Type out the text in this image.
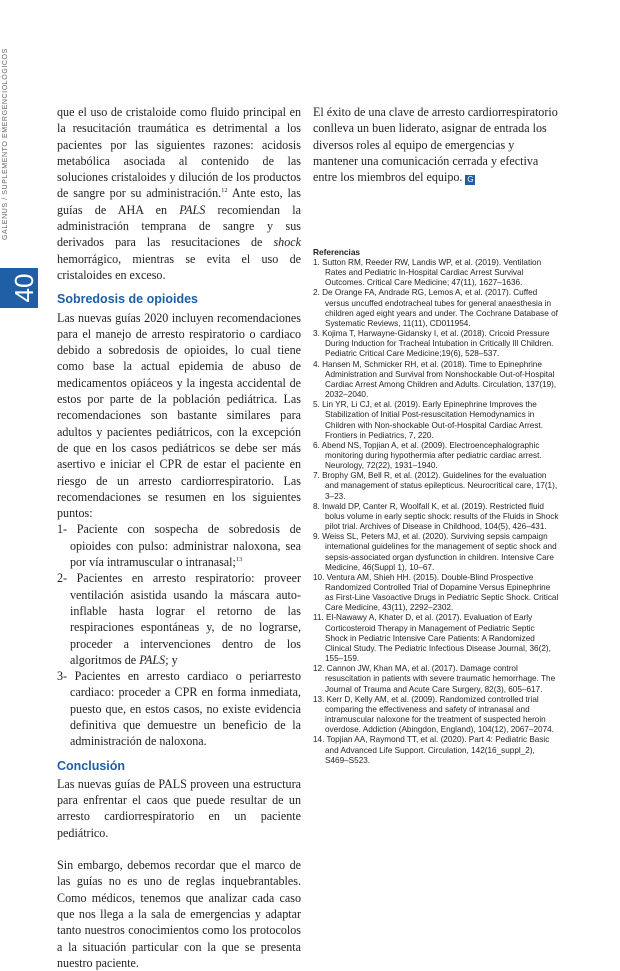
GALENUS / SUPLEMENTO EMERGENCIOLÓGICOS
40

que el uso de cristaloide como fluido principal en la resucitación traumática es detrimental a los pacientes por las siguientes razones: acidosis metabólica asociada al contenido de las soluciones cristaloides y dilución de los productos de sangre por su administración.$^{12}$ Ante esto, las guías de AHA en PALS recomiendan la administración temprana de sangre y sus derivados para las resucitaciones de shock hemorrágico, mientras se evita el uso de cristaloides en exceso.

Sobredosis de opioides

Las nuevas guías 2020 incluyen recomendaciones para el manejo de arresto respiratorio o cardiaco debido a sobredosis de opioides, lo cual tiene como base la actual epidemia de abuso de medicamentos opiáceos y la ingesta accidental de estos por parte de la población pediátrica. Las recomendaciones son bastante similares para adultos y pacientes pediátricos, con la excepción de que en los casos pediátricos se debe ser más asertivo e iniciar el CPR de estar el paciente en riesgo de un arresto cardiorrespiratorio. Las recomendaciones se resumen en los siguientes puntos:

1- Paciente con sospecha de sobredosis de opioides con pulso: administrar naloxona, sea por vía intramuscular o intranasal;$^{13}$
2- Pacientes en arresto respiratorio: proveer ventilación asistida usando la máscara auto-inflable hasta lograr el retorno de las respiraciones espontáneas y, de no lograrse, proceder a intervenciones dentro de los algoritmos de PALS; y
3- Pacientes en arresto cardiaco o periarresto cardiaco: proceder a CPR en forma inmediata, puesto que, en estos casos, no existe evidencia definitiva que demuestre un beneficio de la administración de naloxona.
Conclusión

Las nuevas guías de PALS proveen una estructura para enfrentar el caos que puede resultar de un arresto cardiorrespiratorio en un paciente pediátrico.

Sin embargo, debemos recordar que el marco de las guías no es uno de reglas inquebrantables. Como médicos, tenemos que analizar cada caso que nos llega a la sala de emergencias y adaptar tanto nuestros conocimientos como los protocolos a la situación particular con la que se presenta nuestro paciente.

El éxito de una clave de arresto cardiorrespiratorio conlleva un buen liderato, asignar de entrada los diversos roles al equipo de emergencias y mantener una comunicación cerrada y efectiva entre los miembros del equipo. G

Referencias
1. Sutton RM, Reeder RW, Landis WP, et al. (2019). Ventilation Rates and Pediatric In-Hospital Cardiac Arrest Survival Outcomes. Critical Care Medicine; 47(11), 1627–1636.
2. De Orange FA, Andrade RG, Lemos A, et al. (2017). Cuffed versus uncuffed endotracheal tubes for general anaesthesia in children aged eight years and under. The Cochrane Database of Systematic Reviews, 11(11), CD011954.
3. Kojima T, Harwayne-Gidansky I, et al. (2018). Cricoid Pressure During Induction for Tracheal Intubation in Critically Ill Children. Pediatric Critical Care Medicine;19(6), 528–537.
4. Hansen M, Schmicker RH, et al. (2018). Time to Epinephrine Administration and Survival from Nonshockable Out-of-Hospital Cardiac Arrest Among Children and Adults. Circulation, 137(19), 2032–2040.
5. Lin YR, Li CJ, et al. (2019). Early Epinephrine Improves the Stabilization of Initial Post-resuscitation Hemodynamics in Children with Non-shockable Out-of-Hospital Cardiac Arrest. Frontiers in Pediatrics, 7, 220.
6. Abend NS, Topjian A, et al. (2009). Electroencephalographic monitoring during hypothermia after pediatric cardiac arrest. Neurology, 72(22), 1931–1940.
7. Brophy GM, Bell R, et al. (2012). Guidelines for the evaluation and management of status epilepticus. Neurocritical care, 17(1), 3–23.
8. Inwald DP, Canter R, Woolfall K, et al. (2019). Restricted fluid bolus volume in early septic shock: results of the Fluids in Shock pilot trial. Archives of Disease in Childhood, 104(5), 426–431.
9. Weiss SL, Peters MJ, et al. (2020). Surviving sepsis campaign international guidelines for the management of septic shock and sepsis-associated organ dysfunction in children. Intensive Care Medicine, 46(Suppl 1), 10–67.
10. Ventura AM, Shieh HH. (2015). Double-Blind Prospective Randomized Controlled Trial of Dopamine Versus Epinephrine as First-Line Vasoactive Drugs in Pediatric Septic Shock. Critical Care Medicine, 43(11), 2292–2302.
11. El-Nawawy A, Khater D, et al. (2017). Evaluation of Early Corticosteroid Therapy in Management of Pediatric Septic Shock in Pediatric Intensive Care Patients: A Randomized Clinical Study. The Pediatric Infectious Disease Journal, 36(2), 155–159.
12. Cannon JW, Khan MA, et al. (2017). Damage control resuscitation in patients with severe traumatic hemorrhage. The Journal of Trauma and Acute Care Surgery, 82(3), 605–617.
13. Kerr D, Kelly AM, et al. (2009). Randomized controlled trial comparing the effectiveness and safety of intranasal and intramuscular naloxone for the treatment of suspected heroin overdose. Addiction (Abingdon, England), 104(12), 2067–2074.
14. Topjian AA, Raymond TT, et al. (2020). Part 4: Pediatric Basic and Advanced Life Support. Circulation, 142(16_suppl_2), S469–S523.
